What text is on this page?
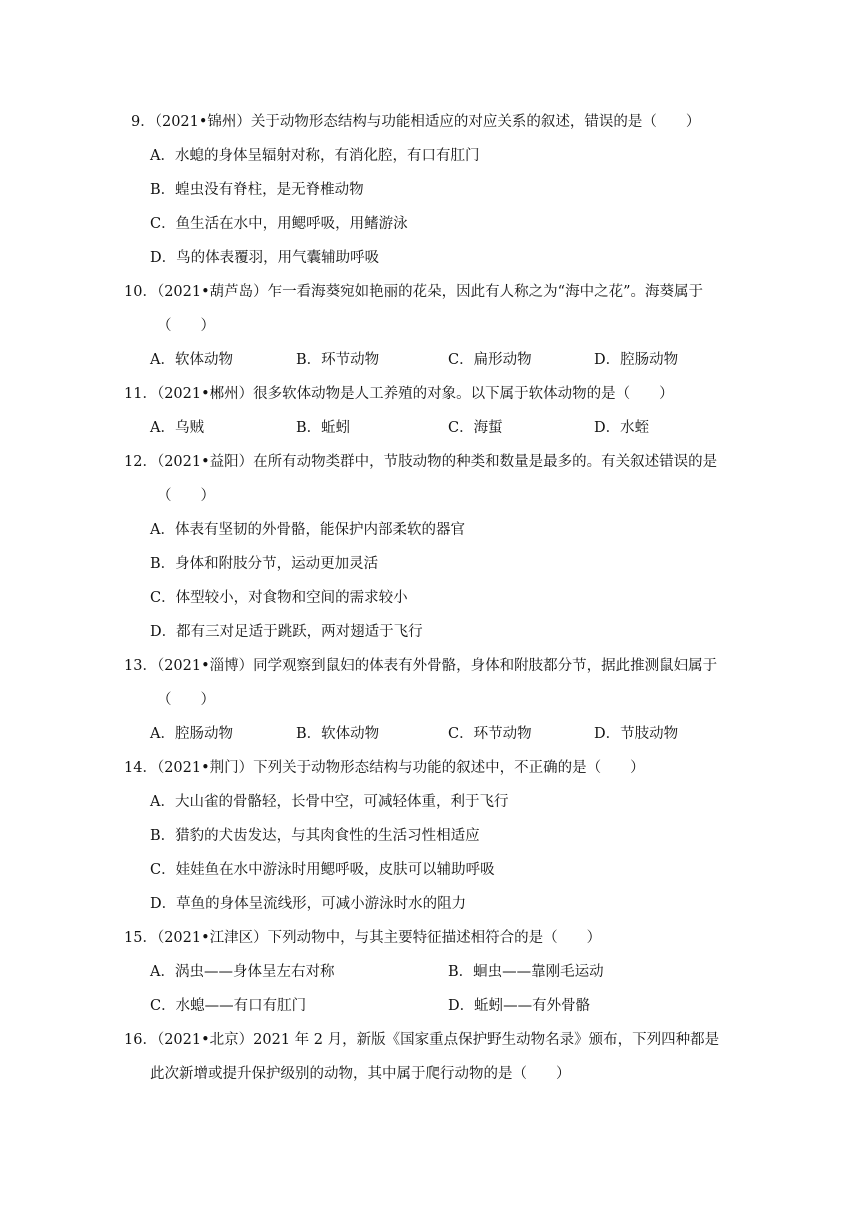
9．（2021•锦州）关于动物形态结构与功能相适应的对应关系的叙述，错误的是（　　）
A．水螅的身体呈辐射对称，有消化腔，有口有肛门
B．蝗虫没有脊柱，是无脊椎动物
C．鱼生活在水中，用鳃呼吸，用鳍游泳
D．鸟的体表覆羽，用气囊辅助呼吸
10．（2021•葫芦岛）乍一看海葵宛如艳丽的花朵，因此有人称之为“海中之花”。海葵属于
（　　）
A．软体动物	B．环节动物	C．扁形动物	D．腔肠动物
11．（2021•郴州）很多软体动物是人工养殖的对象。以下属于软体动物的是（　　）
A．乌贼	B．蚯蚓	C．海蜇	D．水蛭
12．（2021•益阳）在所有动物类群中，节肢动物的种类和数量是最多的。有关叙述错误的是
（　　）
A．体表有坚韧的外骨骼，能保护内部柔软的器官
B．身体和附肢分节，运动更加灵活
C．体型较小，对食物和空间的需求较小
D．都有三对足适于跳跃，两对翅适于飞行
13．（2021•淄博）同学观察到鼠妇的体表有外骨骼，身体和附肢都分节，据此推测鼠妇属于
（　　）
A．腔肠动物	B．软体动物	C．环节动物	D．节肢动物
14．（2021•荆门）下列关于动物形态结构与功能的叙述中，不正确的是（　　）
A．大山雀的骨骼轻，长骨中空，可减轻体重，利于飞行
B．猎豹的犬齿发达，与其肉食性的生活习性相适应
C．娃娃鱼在水中游泳时用鳃呼吸，皮肤可以辅助呼吸
D．草鱼的身体呈流线形，可减小游泳时水的阻力
15．（2021•江津区）下列动物中，与其主要特征描述相符合的是（　　）
A．涡虫——身体呈左右对称	B．蛔虫——靠刚毛运动
C．水螅——有口有肛门	D．蚯蚓——有外骨骼
16．（2021•北京）2021 年 2 月，新版《国家重点保护野生动物名录》颁布，下列四种都是
此次新增或提升保护级别的动物，其中属于爬行动物的是（　　）
